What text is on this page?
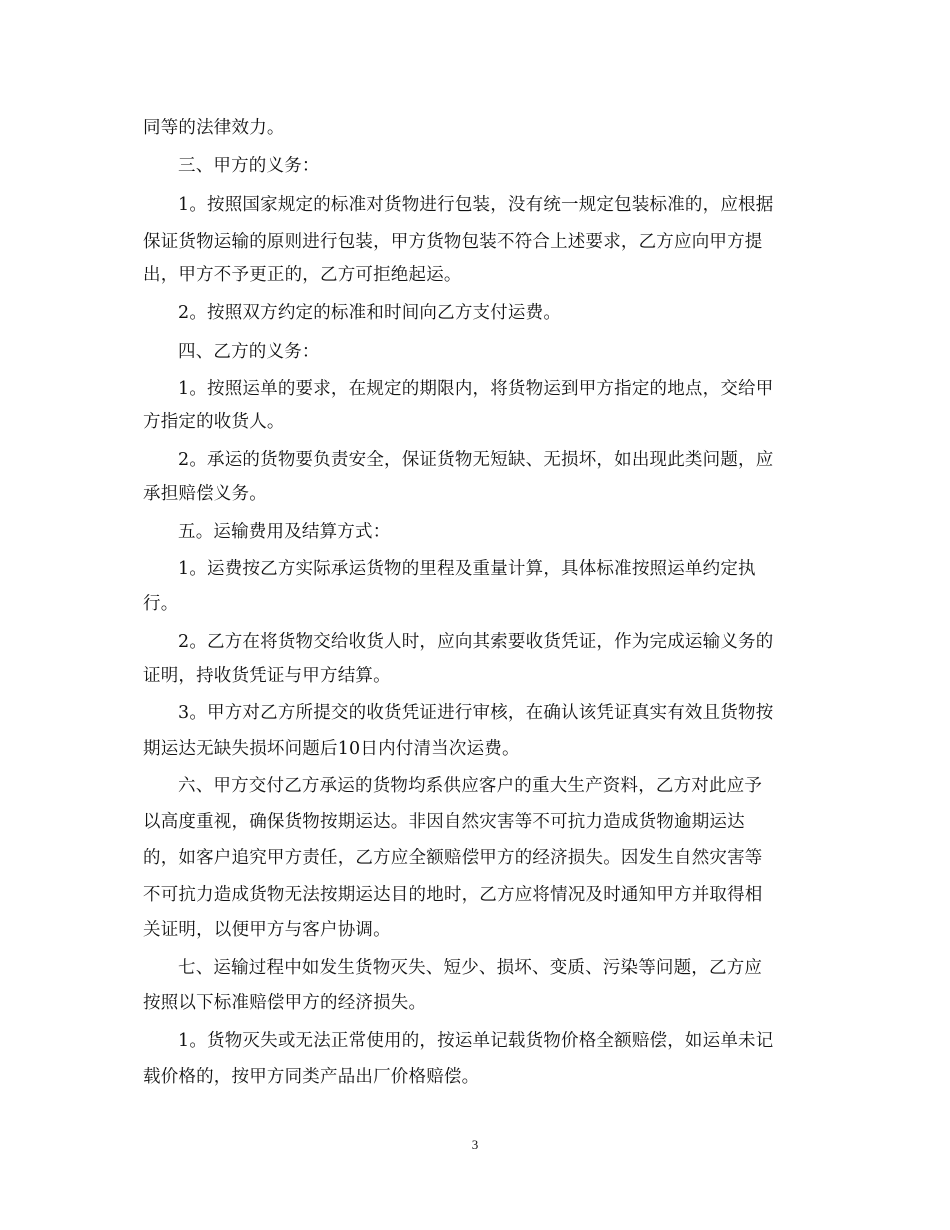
同等的法律效力。
三、甲方的义务：
1。按照国家规定的标准对货物进行包装，没有统一规定包装标准的，应根据
保证货物运输的原则进行包装，甲方货物包装不符合上述要求，乙方应向甲方提
出，甲方不予更正的，乙方可拒绝起运。
2。按照双方约定的标准和时间向乙方支付运费。
四、乙方的义务：
1。按照运单的要求，在规定的期限内，将货物运到甲方指定的地点，交给甲
方指定的收货人。
2。承运的货物要负责安全，保证货物无短缺、无损坏，如出现此类问题，应
承担赔偿义务。
五。运输费用及结算方式：
1。运费按乙方实际承运货物的里程及重量计算，具体标准按照运单约定执
行。
2。乙方在将货物交给收货人时，应向其索要收货凭证，作为完成运输义务的
证明，持收货凭证与甲方结算。
3。甲方对乙方所提交的收货凭证进行审核，在确认该凭证真实有效且货物按
期运达无缺失损坏问题后10日内付清当次运费。
六、甲方交付乙方承运的货物均系供应客户的重大生产资料，乙方对此应予
以高度重视，确保货物按期运达。非因自然灾害等不可抗力造成货物逾期运达
的，如客户追究甲方责任，乙方应全额赔偿甲方的经济损失。因发生自然灾害等
不可抗力造成货物无法按期运达目的地时，乙方应将情况及时通知甲方并取得相
关证明，以便甲方与客户协调。
七、运输过程中如发生货物灭失、短少、损坏、变质、污染等问题，乙方应
按照以下标准赔偿甲方的经济损失。
1。货物灭失或无法正常使用的，按运单记载货物价格全额赔偿，如运单未记
载价格的，按甲方同类产品出厂价格赔偿。
3
